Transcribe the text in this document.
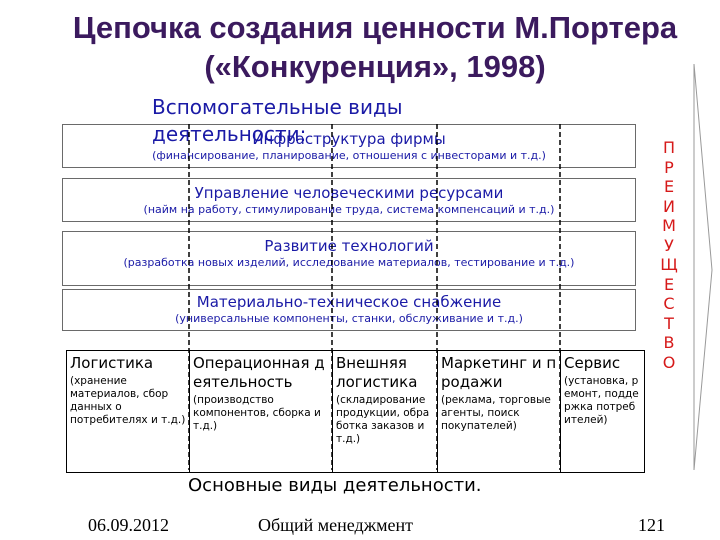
Цепочка создания ценности М.Портера
(«Конкуренция», 1998)
Вспомогательные виды деятельности:
Инфраструктура фирмы
(финансирование, планирование, отношения с инвесторами и т.д.)
Управление человеческими ресурсами
(найм на работу, стимулирование труда, система компенсаций и т.д.)
Развитие технологий
(разработка новых изделий, исследование материалов, тестирование и т.д.)
Материально-техническое снабжение
(универсальные компоненты, станки, обслуживание и т.д.)
П
Р
Е
И
М
У
Щ
Е
С
Т
В
О
Логистика
(хранение материалов, сбор данных о потребителях и т.д.)
Операционная деятельность
(производство компонентов, сборка и т.д.)
Внешняя логистика
(складирование продукции, обработка заказов и т.д.)
Маркетинг и продажи
(реклама, торговые агенты, поиск покупателей)
Сервис
(установка, ремонт, поддержка потребителей)
Основные виды деятельности.
06.09.2012	Общий менеджмент	121
